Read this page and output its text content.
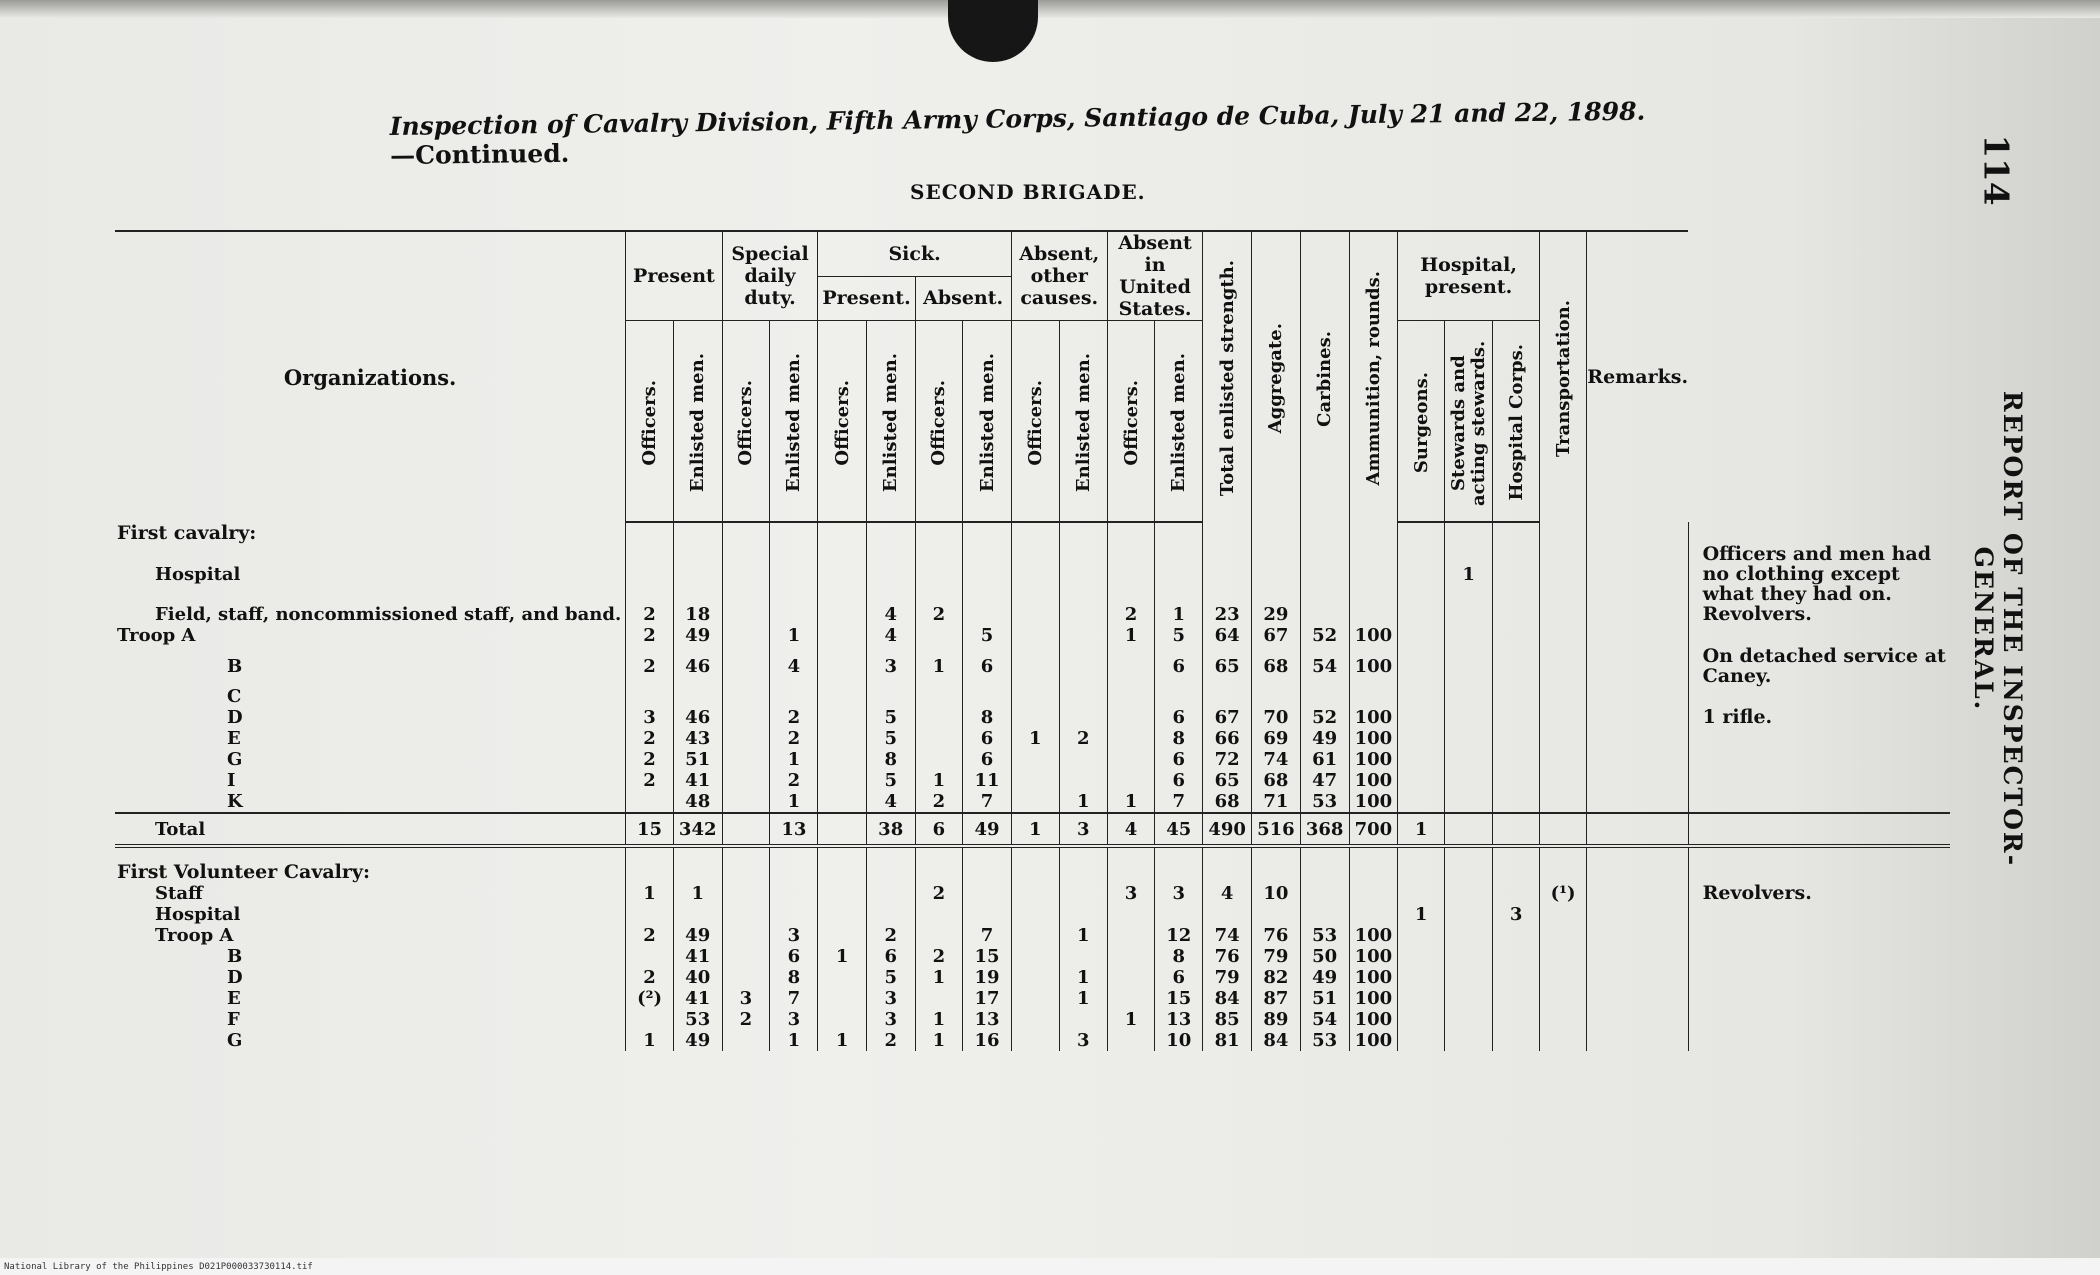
Inspection of Cavalry Division, Fifth Army Corps, Santiago de Cuba, July 21 and 22, 1898.—Continued.
SECOND BRIGADE.	114
REPORT OF THE INSPECTOR-GENERAL.
Organizations.	Present		Special daily duty.		Sick.				Absent, other causes.		Absent in United States.		Total enlisted strength.	Aggregate.	Carbines.	Ammunition, rounds.	Hospital, present.			Transportation.	Remarks.	
					Present.		Absent.															
	Officers.	Enlisted men.	Officers.	Enlisted men.	Officers.	Enlisted men.	Officers.	Enlisted men.	Officers.	Enlisted men.	Officers.	Enlisted men.					Surgeons.	Stewards and acting stewards.	Hospital Corps.			
First cavalry:																						
Hospital																		1				Officers and men had
no clothing except
what they had on.

Field, staff, noncommissioned staff, and band.	2	18				4	2				2	1	23	29								Revolvers.

Troop A	2	49		1		4		5			1	5	64	67	52	100						
B	2	46		4		3	1	6				6	65	68	54	100						On detached service at
Caney.

C																						
D	3	46		2		5		8				6	67	70	52	100						1 rifle.

E	2	43		2		5		6	1	2		8	66	69	49	100						
G	2	51		1		8		6				6	72	74	61	100						
I	2	41		2		5	1	11				6	65	68	47	100						
K		48		1		4	2	7		1	1	7	68	71	53	100						
Total	15	342		13		38	6	49	1	3	4	45	490	516	368	700	1					

First Volunteer Cavalry:																						
Staff	1	1					2				3	3	4	10						(¹)		Revolvers.

Hospital																	1		3			
Troop A	2	49		3		2		7		1		12	74	76	53	100						
B		41		6	1	6	2	15				8	76	79	50	100						
D	2	40		8		5	1	19		1		6	79	82	49	100						
E	(²)	41	3	7		3		17		1		15	84	87	51	100						
F		53	2	3		3	1	13			1	13	85	89	54	100						
G	1	49		1	1	2	1	16		3		10	81	84	53	100						
National Library of the Philippines D021P000033730114.tif
